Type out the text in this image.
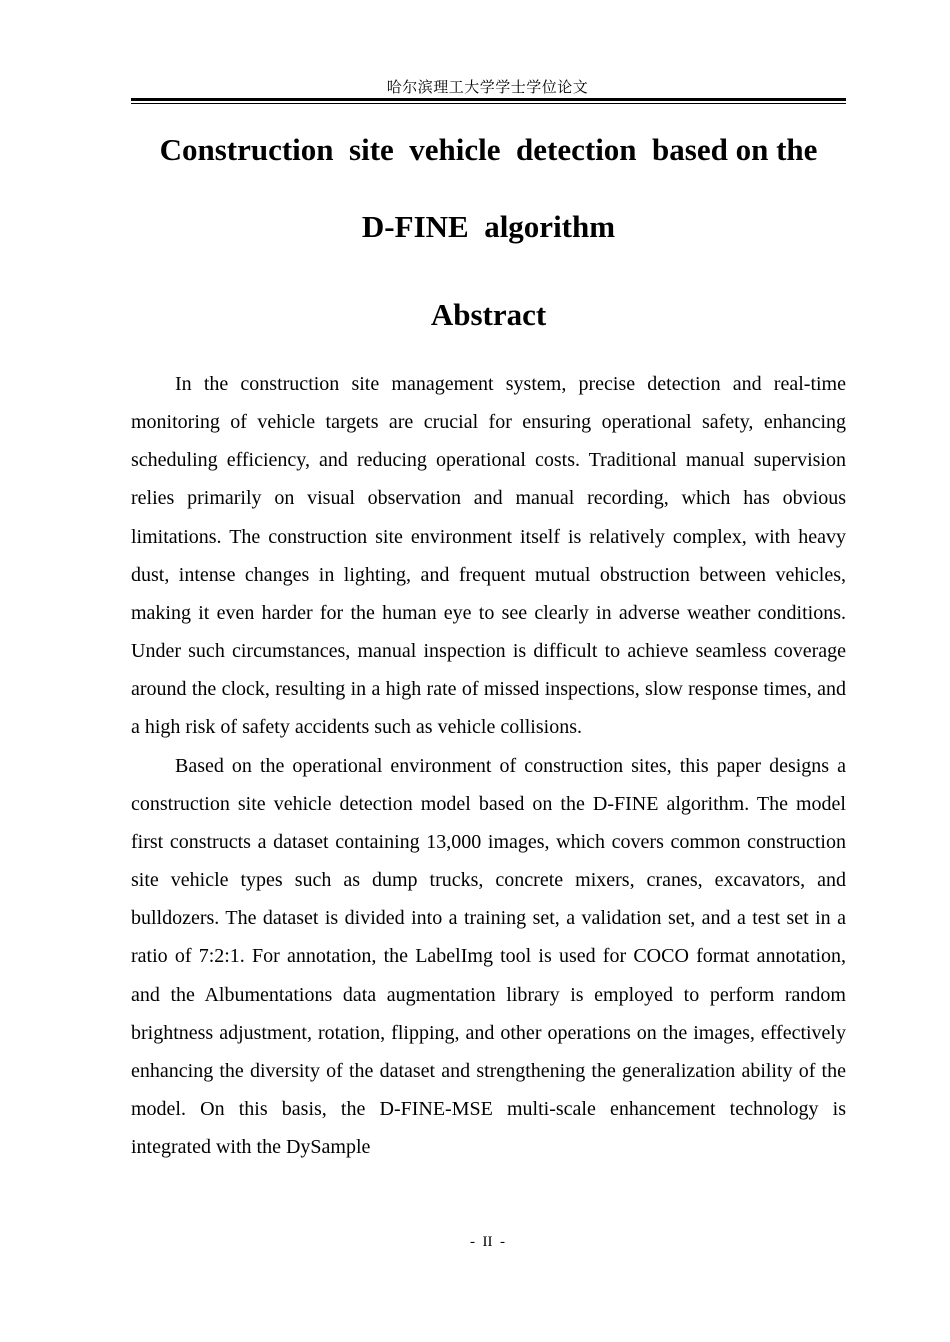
哈尔滨理工大学学士学位论文
Construction  site  vehicle  detection  based on the
D-FINE  algorithm
Abstract

In the construction site management system, precise detection and real-time monitoring of vehicle targets are crucial for ensuring operational safety, enhancing scheduling efficiency, and reducing operational costs. Traditional manual supervision relies primarily on visual observation and manual recording, which has obvious limitations. The construction site environment itself is relatively complex, with heavy dust, intense changes in lighting, and frequent mutual obstruction between vehicles, making it even harder for the human eye to see clearly in adverse weather conditions. Under such circumstances, manual inspection is difficult to achieve seamless coverage around the clock, resulting in a high rate of missed inspections, slow response times, and a high risk of safety accidents such as vehicle collisions.

Based on the operational environment of construction sites, this paper designs a construction site vehicle detection model based on the D-FINE algorithm. The model first constructs a dataset containing 13,000 images, which covers common construction site vehicle types such as dump trucks, concrete mixers, cranes, excavators, and bulldozers. The dataset is divided into a training set, a validation set, and a test set in a ratio of 7:2:1. For annotation, the LabelImg tool is used for COCO format annotation, and the Albumentations data augmentation library is employed to perform random brightness adjustment, rotation, flipping, and other operations on the images, effectively enhancing the diversity of the dataset and strengthening the generalization ability of the model. On this basis, the D-FINE-MSE multi-scale enhancement technology is integrated with the DySample

-  II  -
